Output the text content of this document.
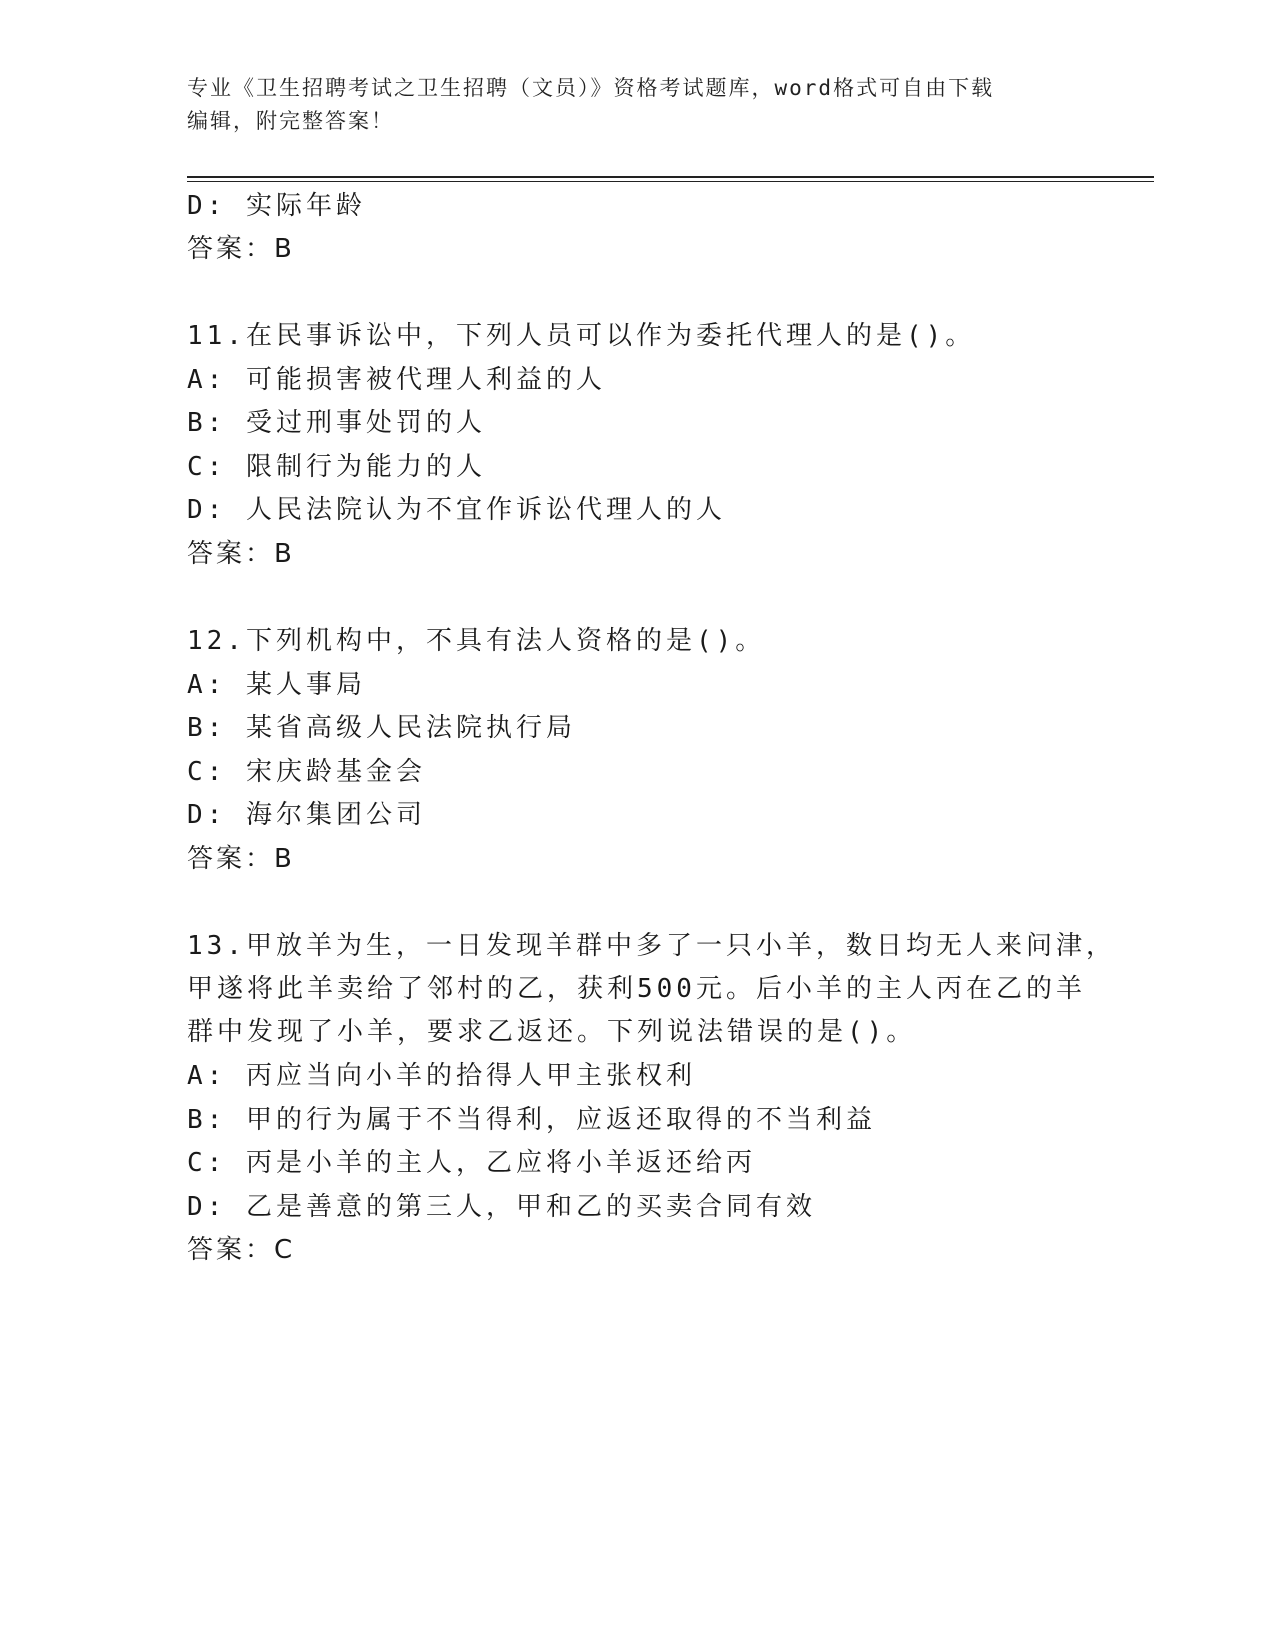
专业《卫生招聘考试之卫生招聘（文员）》资格考试题库，word格式可自由下载
编辑，附完整答案！
D: 实际年龄
答案：B
11.在民事诉讼中，下列人员可以作为委托代理人的是()。
A: 可能损害被代理人利益的人
B: 受过刑事处罚的人
C: 限制行为能力的人
D: 人民法院认为不宜作诉讼代理人的人
答案：B
12.下列机构中，不具有法人资格的是()。
A: 某人事局
B: 某省高级人民法院执行局
C: 宋庆龄基金会
D: 海尔集团公司
答案：B
13.甲放羊为生，一日发现羊群中多了一只小羊，数日均无人来问津，
甲遂将此羊卖给了邻村的乙，获利500元。后小羊的主人丙在乙的羊
群中发现了小羊，要求乙返还。下列说法错误的是()。
A: 丙应当向小羊的拾得人甲主张权利
B: 甲的行为属于不当得利，应返还取得的不当利益
C: 丙是小羊的主人，乙应将小羊返还给丙
D: 乙是善意的第三人，甲和乙的买卖合同有效
答案：C
